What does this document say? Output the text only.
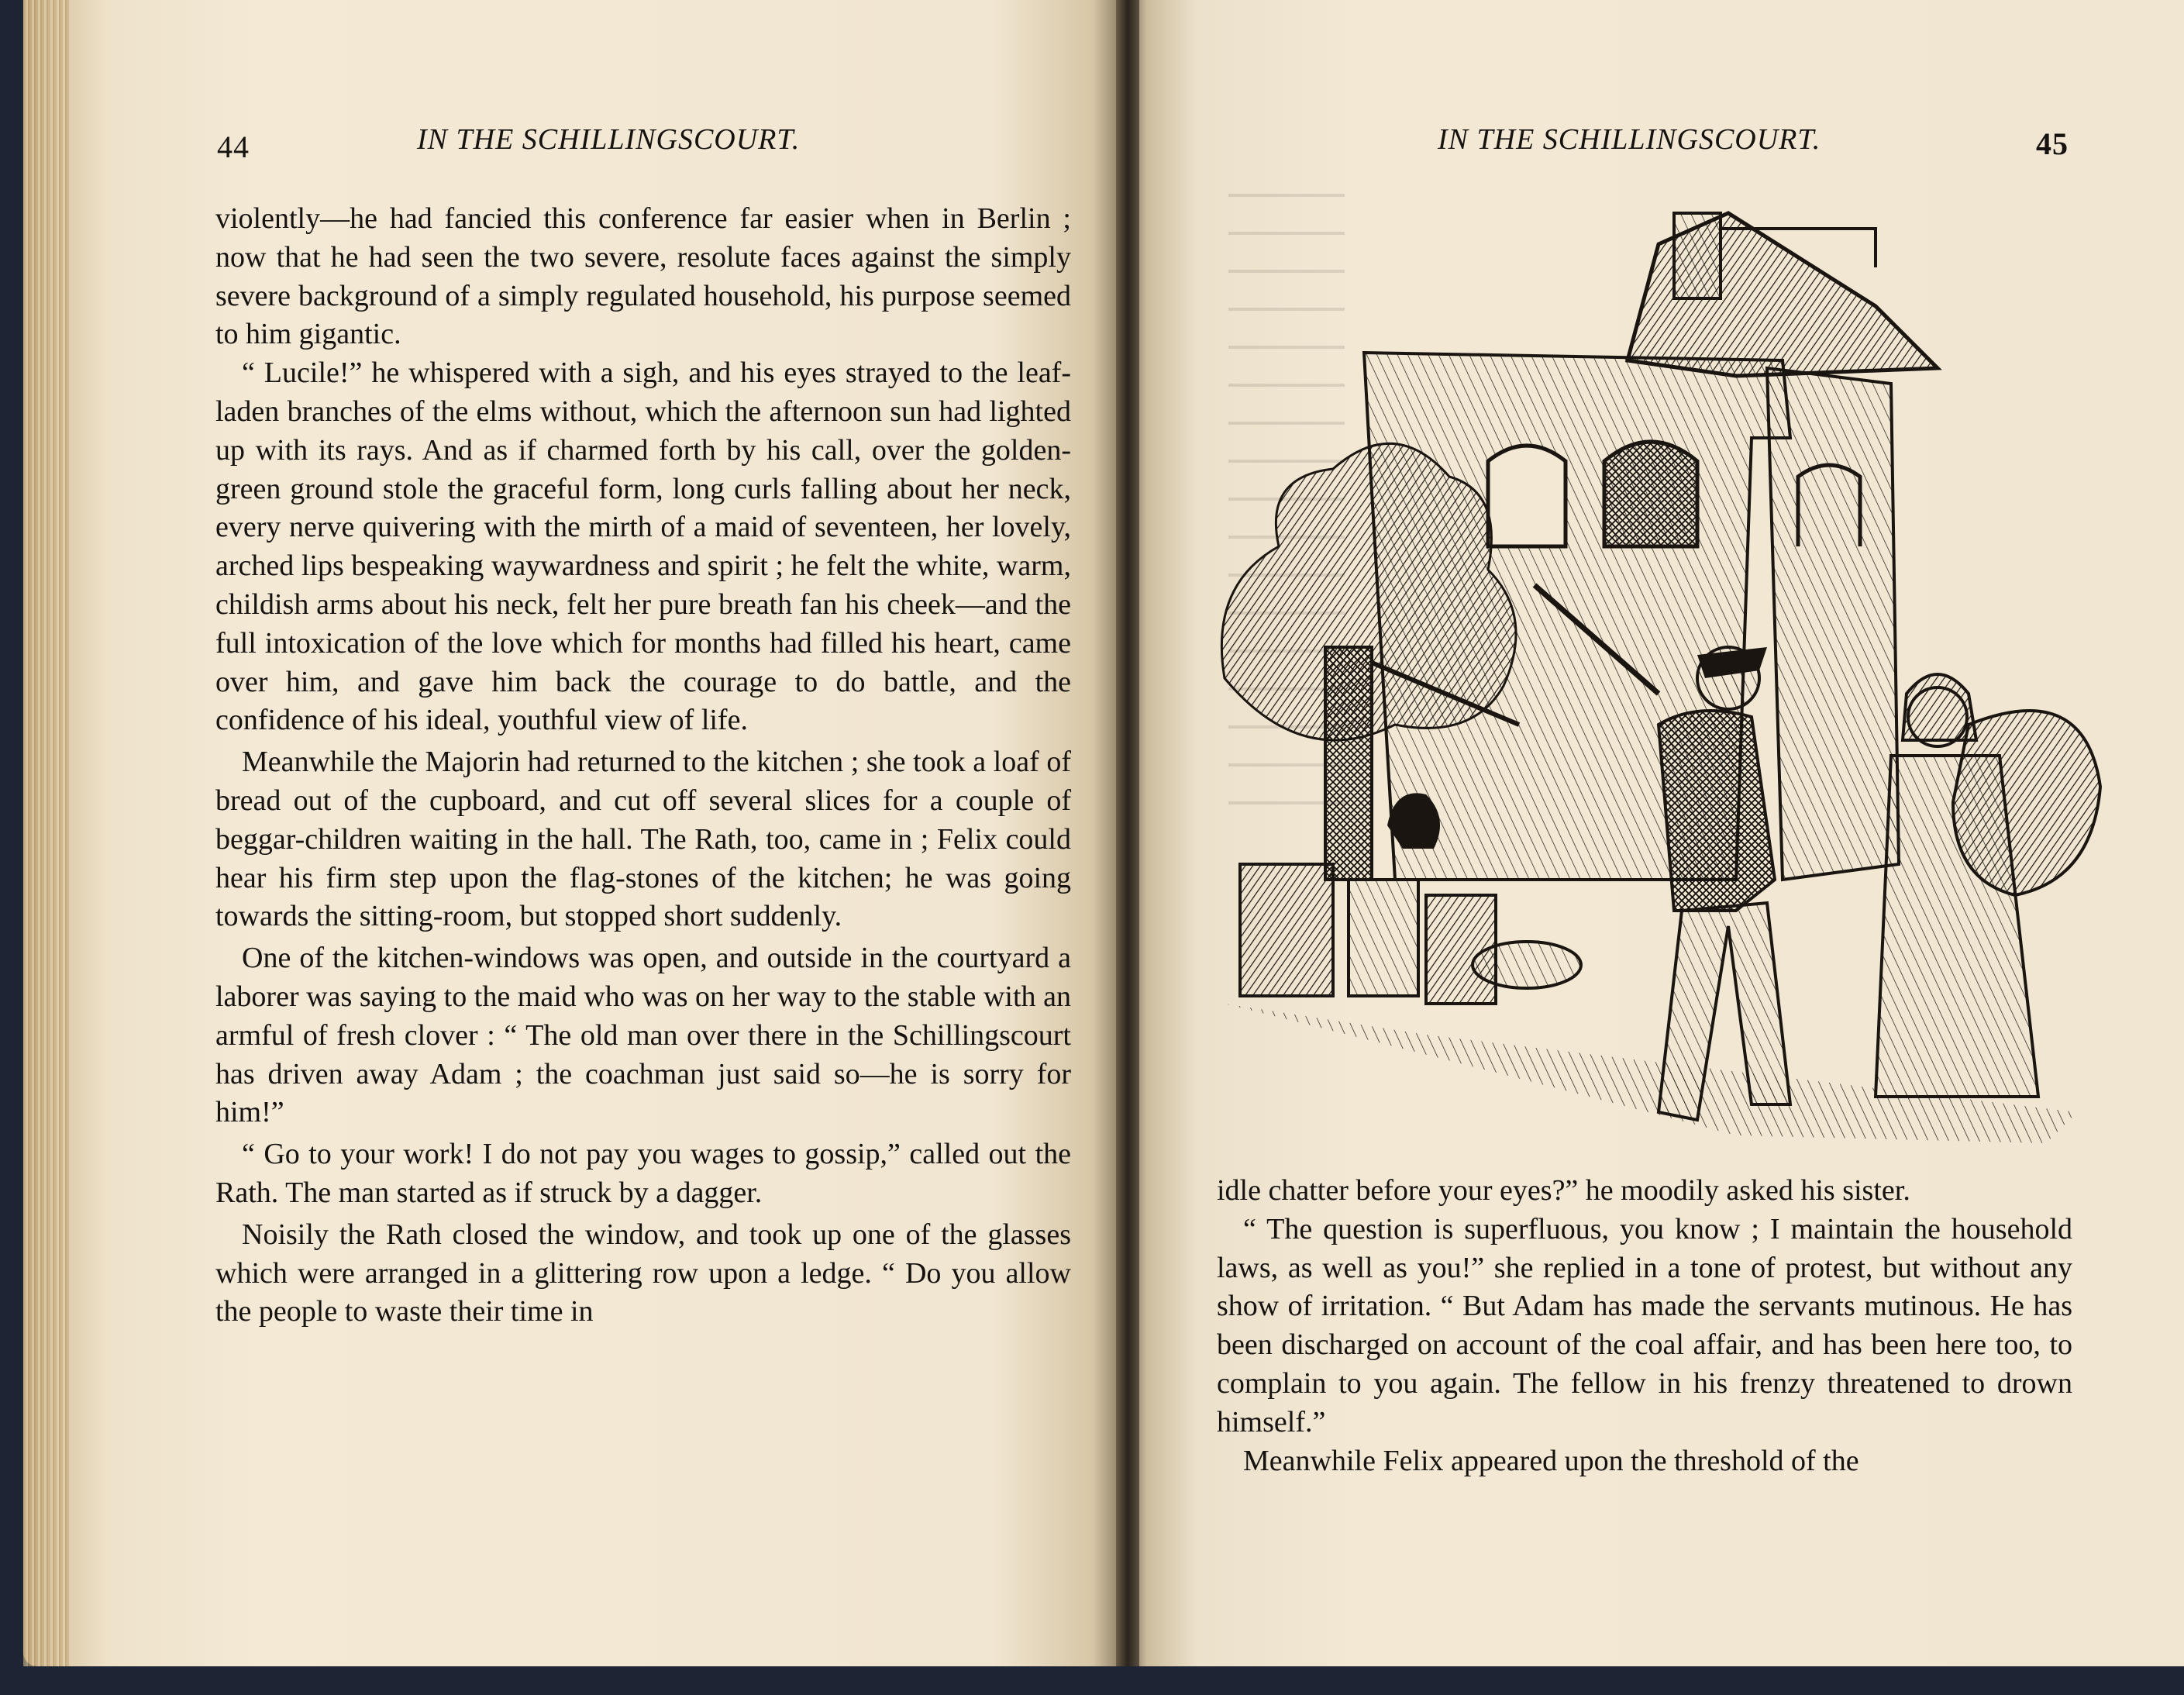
44	IN THE SCHILLINGSCOURT.

violently—he had fancied this conference far easier when in Berlin ; now that he had seen the two severe, resolute faces against the simply severe background of a simply regulated household, his purpose seemed to him gigantic.

“ Lucile!” he whispered with a sigh, and his eyes strayed to the leaf-laden branches of the elms without, which the afternoon sun had lighted up with its rays. And as if charmed forth by his call, over the golden-green ground stole the graceful form, long curls falling about her neck, every nerve quivering with the mirth of a maid of seventeen, her lovely, arched lips bespeaking waywardness and spirit ; he felt the white, warm, childish arms about his neck, felt her pure breath fan his cheek—and the full intoxication of the love which for months had filled his heart, came over him, and gave him back the courage to do battle, and the confidence of his ideal, youthful view of life.

Meanwhile the Majorin had returned to the kitchen ; she took a loaf of bread out of the cupboard, and cut off several slices for a couple of beggar-children waiting in the hall. The Rath, too, came in ; Felix could hear his firm step upon the flag-stones of the kitchen; he was going towards the sitting-room, but stopped short suddenly.

One of the kitchen-windows was open, and outside in the courtyard a laborer was saying to the maid who was on her way to the stable with an armful of fresh clover : “ The old man over there in the Schillingscourt has driven away Adam ; the coachman just said so—he is sorry for him!”

“ Go to your work! I do not pay you wages to gossip,” called out the Rath. The man started as if struck by a dagger.

Noisily the Rath closed the window, and took up one of the glasses which were arranged in a glittering row upon a ledge. “ Do you allow the people to waste their time in

IN THE SCHILLINGSCOURT.	45

idle chatter before your eyes?” he moodily asked his sister.

“ The question is superfluous, you know ; I maintain the household laws, as well as you!” she replied in a tone of protest, but without any show of irritation. “ But Adam has made the servants mutinous. He has been discharged on account of the coal affair, and has been here too, to complain to you again. The fellow in his frenzy threatened to drown himself.”

Meanwhile Felix appeared upon the threshold of the
